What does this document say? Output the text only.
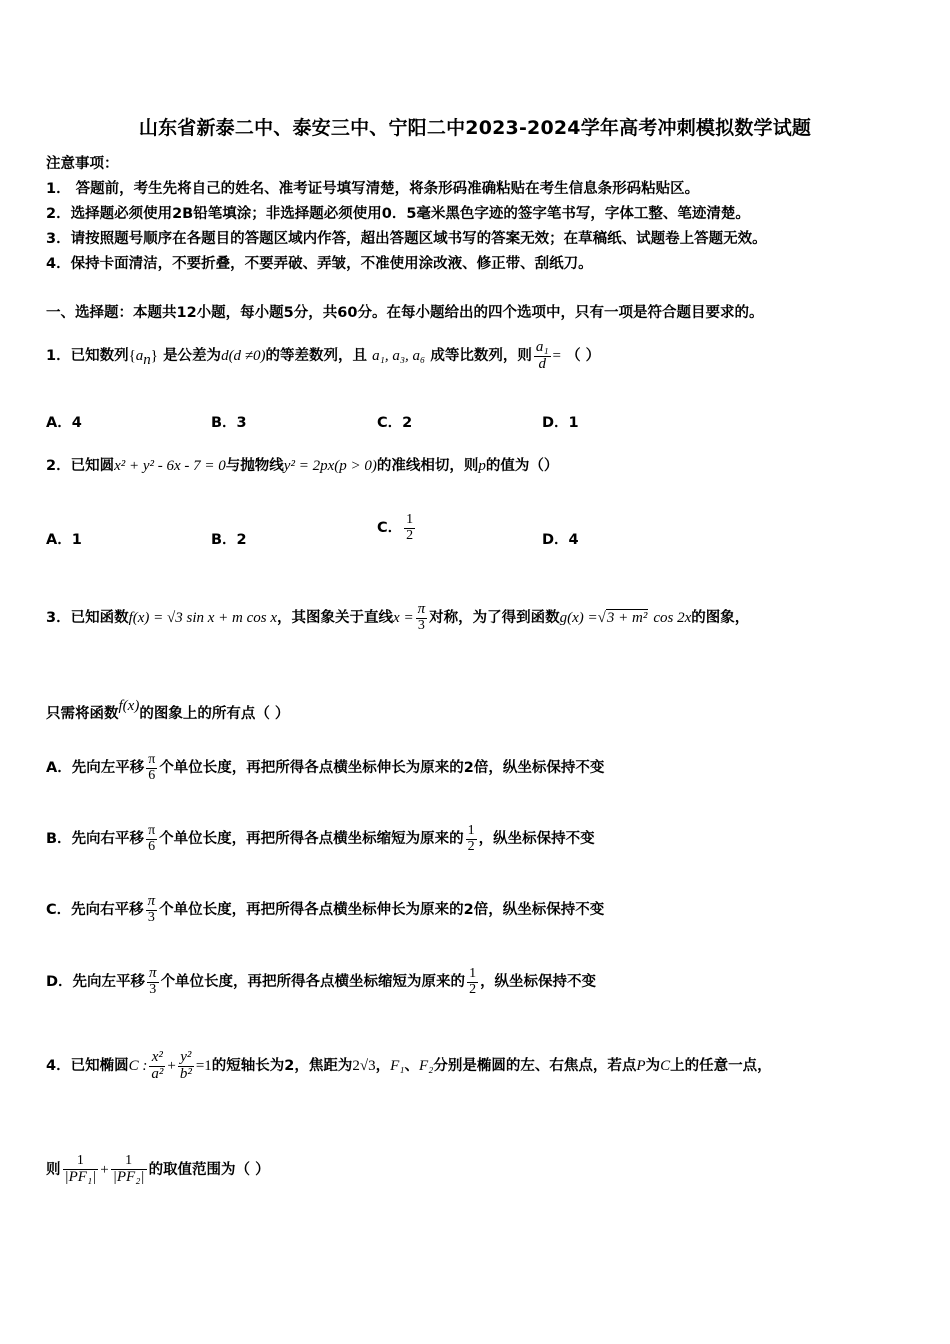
山东省新泰二中、泰安三中、宁阳二中2023-2024学年高考冲刺模拟数学试题
注意事项：
1． 答题前，考生先将自己的姓名、准考证号填写清楚，将条形码准确粘贴在考生信息条形码粘贴区。
2．选择题必须使用2B铅笔填涂；非选择题必须使用0．5毫米黑色字迹的签字笔书写，字体工整、笔迹清楚。
3．请按照题号顺序在各题目的答题区域内作答，超出答题区域书写的答案无效；在草稿纸、试题卷上答题无效。
4．保持卡面清洁，不要折叠，不要弄破、弄皱，不准使用涂改液、修正带、刮纸刀。
一、选择题：本题共12小题，每小题5分，共60分。在每小题给出的四个选项中，只有一项是符合题目要求的。
1．已知数列$\{a_n\}$ 是公差为d(d ≠0)的等差数列，且 a₁, a₃, a₆ 成等比数列，则 $\frac{\text{a₁}}{d}$ = （ ）
A．4	B．3	C．2	D．1
2．已知圆x² + y² - 6x - 7 = 0与抛物线y² = 2px(p > 0)的准线相切，则p的值为（）
A．1	B．2
C． $\frac{1}{2}$	D．4
3．已知函数f(x) = √3 sin x + m cos x，其图象关于直线$x = \frac{\pi}{3}$ 对称，为了得到函数g(x) =√3 + m² cos 2x的图象，
只需将函数f(x)的图象上的所有点（ ）
A．先向左平移 $\frac{\pi}{6}$ 个单位长度，再把所得各点横坐标伸长为原来的2倍，纵坐标保持不变
B．先向右平移 $\frac{\pi}{6}$ 个单位长度，再把所得各点横坐标缩短为原来的 $\frac{1}{2}$ ，纵坐标保持不变
C．先向右平移 $\frac{\pi}{3}$ 个单位长度，再把所得各点横坐标伸长为原来的2倍，纵坐标保持不变
D．先向左平移 $\frac{\pi}{3}$ 个单位长度，再把所得各点横坐标缩短为原来的 $\frac{1}{2}$ ，纵坐标保持不变
4．已知椭圆C : $\frac{\text{x²}}{\text{a²}} + \frac{\text{y²}}{\text{b²}} =1$的短轴长为2，焦距为2√3，F₁、F₂分别是椭圆的左、右焦点，若点P为C上的任意一点，
则 $\frac{1}{\text{|PF₁|}} + \frac{1}{\text{|PF₂|}}$ 的取值范围为（ ）
